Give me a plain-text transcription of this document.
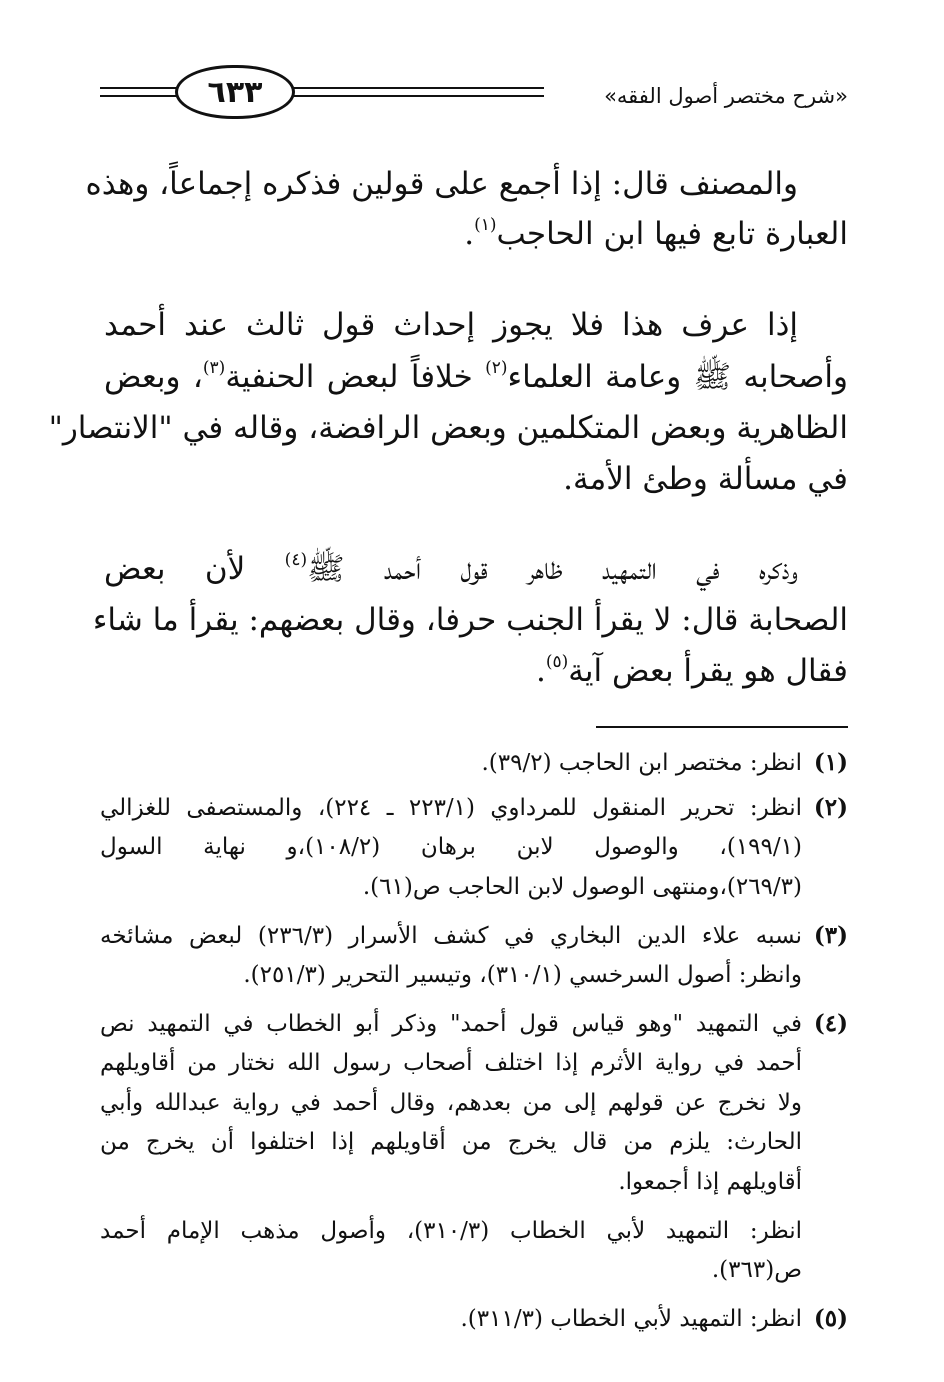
٦٣٣	«شرح مختصر أصول الفقه»
والمصنف قال: إذا أجمع على قولين فذكره إجماعاً، وهذه
العبارة تابع فيها ابن الحاجب$^{(١)}$.
إذا عرف هذا فلا يجوز إحداث قول ثالث عند أحمد
وأصحابه ﷺ وعامة العلماء$^{(٢)}$ خلافاً لبعض الحنفية$^{(٣)}$، وبعض
الظاهرية وبعض المتكلمين وبعض الرافضة، وقاله في "الانتصار"
في مسألة وطئ الأمة.
وذكره في التمهيد ظاهر قول أحمد ﷺ$^{(٤)}$ لأن بعض
الصحابة قال: لا يقرأ الجنب حرفا، وقال بعضهم: يقرأ ما شاء
فقال هو يقرأ بعض آية$^{(٥)}$.
(١)انظر: مختصر ابن الحاجب (٣٩/٢).
(٢)انظر: تحرير المنقول للمرداوي (٢٢٣/١ ـ ٢٢٤)، والمستصفى للغزالي
(١٩٩/١)، والوصول لابن برهان (١٠٨/٢)،و نهاية السول
(٢٦٩/٣)،ومنتهى الوصول لابن الحاجب ص(٦١).
(٣)نسبه علاء الدين البخاري في كشف الأسرار (٢٣٦/٣) لبعض مشائخه
وانظر: أصول السرخسي (٣١٠/١)، وتيسير التحرير (٢٥١/٣).
(٤)في التمهيد "وهو قياس قول أحمد" وذكر أبو الخطاب في التمهيد نص
أحمد في رواية الأثرم إذا اختلف أصحاب رسول الله نختار من أقاويلهم
ولا نخرج عن قولهم إلى من بعدهم، وقال أحمد في رواية عبدالله وأبي
الحارث: يلزم من قال يخرج من أقاويلهم إذا اختلفوا أن يخرج من
أقاويلهم إذا أجمعوا.
انظر: التمهيد لأبي الخطاب (٣١٠/٣)، وأصول مذهب الإمام أحمد
ص(٣٦٣).
(٥)انظر: التمهيد لأبي الخطاب (٣١١/٣).
